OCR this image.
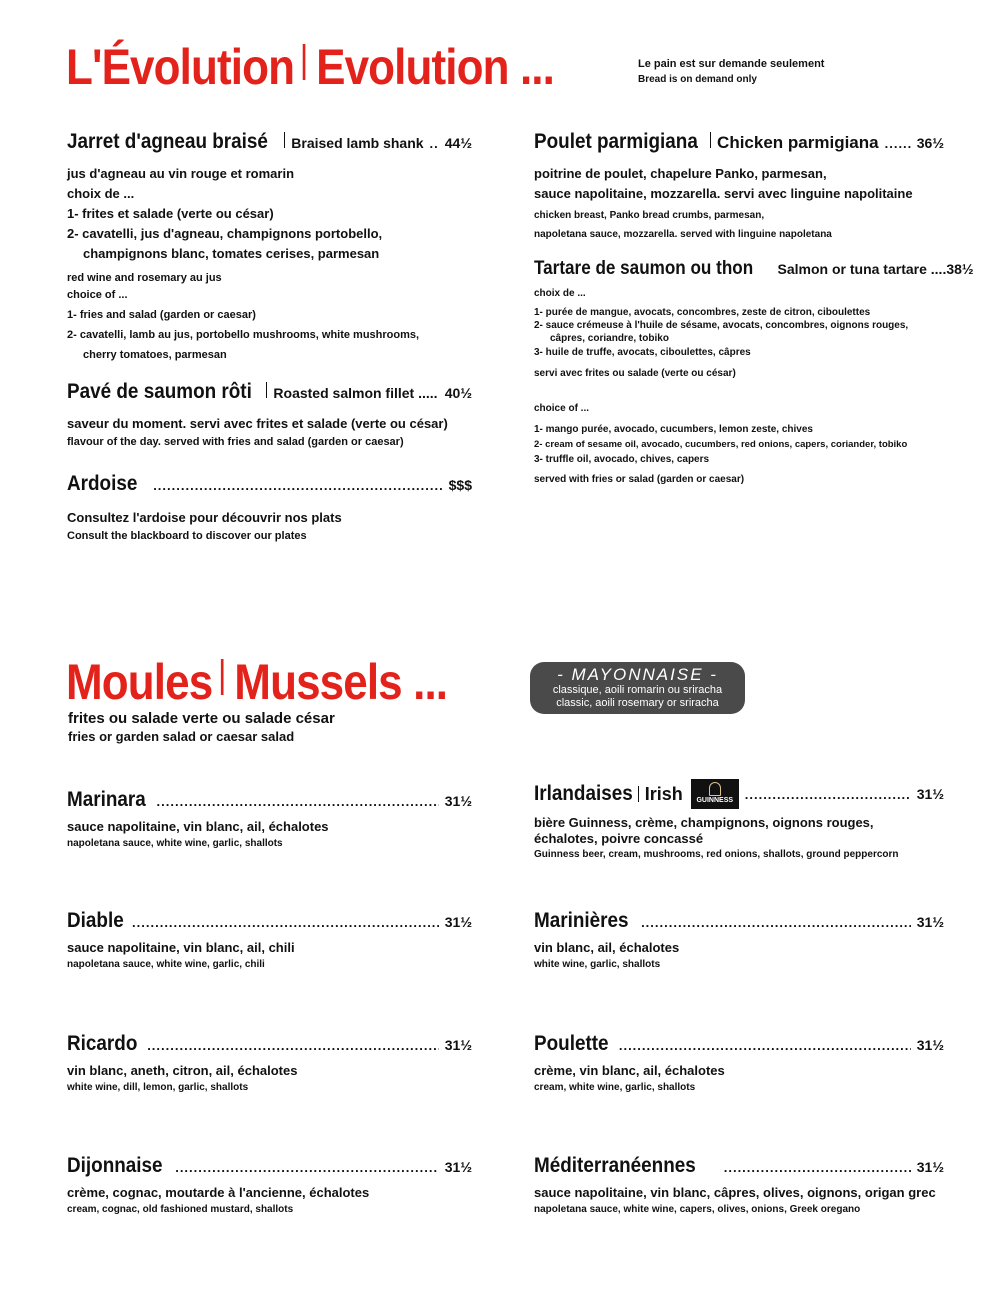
L'Évolution Evolution ...	Le pain est sur demande seulement
Bread is on demand only
Jarret d'agneau braisé Braised lamb shank ..... 44½
jus d'agneau au vin rouge et romarin
choix de ...
1- frites et salade (verte ou césar)
2- cavatelli, jus d'agneau, champignons portobello,
champignons blanc, tomates cerises, parmesan
red wine and rosemary au jus
choice of ...
1- fries and salad (garden or caesar)
2- cavatelli, lamb au jus, portobello mushrooms, white mushrooms,
cherry tomatoes, parmesan
Pavé de saumon rôti Roasted salmon fillet ..... 40½
saveur du moment. servi avec frites et salade (verte ou césar)
flavour of the day. served with fries and salad (garden or caesar)
Ardoise .....	$$$
Consultez l'ardoise pour découvrir nos plats
Consult the blackboard to discover our plates
Poulet parmigiana Chicken parmigiana .....	36½
poitrine de poulet, chapelure Panko, parmesan,
sauce napolitaine, mozzarella. servi avec linguine napolitaine
chicken breast, Panko bread crumbs, parmesan,
napoletana sauce, mozzarella. served with linguine napoletana
Tartare de saumon ou thon Salmon or tuna tartare .... 38½
choix de ...
1- purée de mangue, avocats, concombres, zeste de citron, ciboulettes
2- sauce crémeuse à l'huile de sésame, avocats, concombres, oignons rouges,
câpres, coriandre, tobiko
3- huile de truffe, avocats, ciboulettes, câpres
servi avec frites ou salade (verte ou césar)
choice of ...
1- mango purée, avocado, cucumbers, lemon zeste, chives
2- cream of sesame oil, avocado, cucumbers, red onions, capers, coriander, tobiko
3- truffle oil, avocado, chives, capers
served with fries or salad (garden or caesar)
Moules Mussels ...
frites ou salade verte ou salade césar
fries or garden salad or caesar salad
- MAYONNAISE -
classique, aoili romarin ou sriracha
classic, aoili rosemary or sriracha
Marinara .....	31½
sauce napolitaine, vin blanc, ail, échalotes
napoletana sauce, white wine, garlic, shallots
Diable .....	31½
sauce napolitaine, vin blanc, ail, chili
napoletana sauce, white wine, garlic, chili
Ricardo .....	31½
vin blanc, aneth, citron, ail, échalotes
white wine, dill, lemon, garlic, shallots
Dijonnaise .....	31½
crème, cognac, moutarde à l'ancienne, échalotes
cream, cognac, old fashioned mustard, shallots
Irlandaises Irish	GUINNESS .....	31½
bière Guinness, crème, champignons, oignons rouges,
échalotes, poivre concassé
Guinness beer, cream, mushrooms, red onions, shallots, ground peppercorn
Marinières .....	31½
vin blanc, ail, échalotes
white wine, garlic, shallots
Poulette .....	31½
crème, vin blanc, ail, échalotes
cream, white wine, garlic, shallots
Méditerranéennes .....	31½
sauce napolitaine, vin blanc, câpres, olives, oignons, origan grec
napoletana sauce, white wine, capers, olives, onions, Greek oregano
